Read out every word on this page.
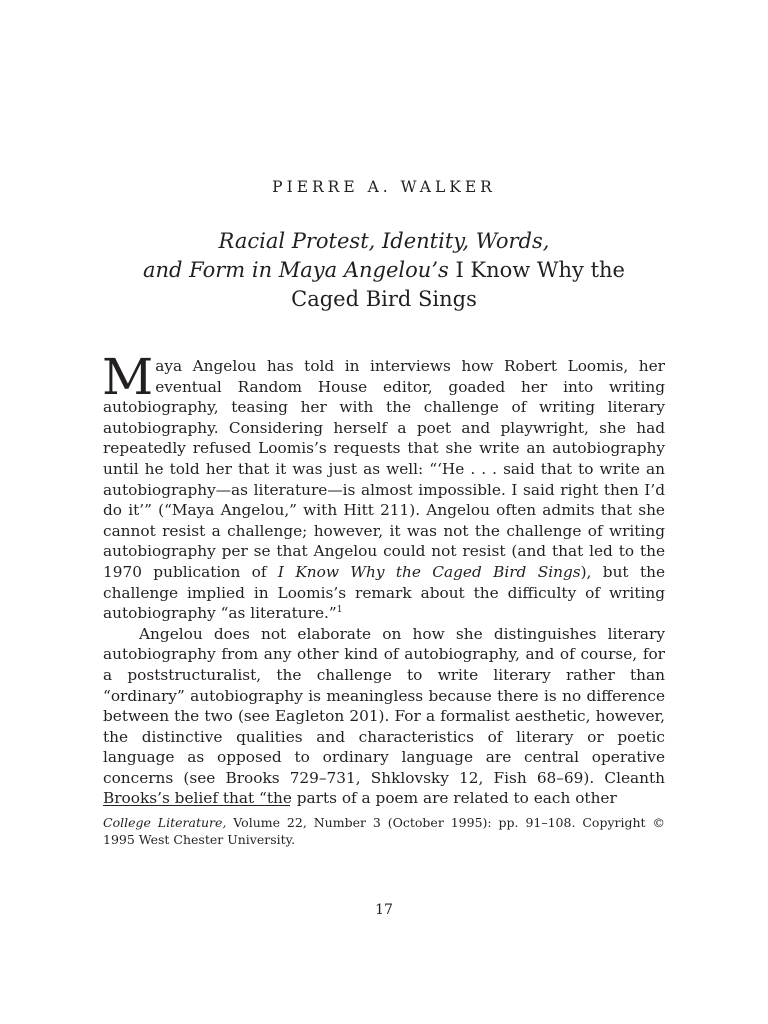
PIERRE A. WALKER
Racial Protest, Identity, Words,
and Form in Maya Angelou’s I Know Why the
Caged Bird Sings

Maya Angelou has told in interviews how Robert Loomis, her eventual Random House editor, goaded her into writing autobiography, teasing her with the challenge of writing literary autobiography. Considering herself a poet and playwright, she had repeatedly refused Loomis’s requests that she write an autobiography until he told her that it was just as well: “‘He . . . said that to write an autobiography—as literature—is almost impossible. I said right then I’d do it’” (“Maya Angelou,” with Hitt 211). Angelou often admits that she cannot resist a challenge; however, it was not the challenge of writing autobiography per se that Angelou could not resist (and that led to the 1970 publication of I Know Why the Caged Bird Sings), but the challenge implied in Loomis’s remark about the difficulty of writing autobiography “as literature.”$^1$

Angelou does not elaborate on how she distinguishes literary autobiography from any other kind of autobiography, and of course, for a poststructuralist, the challenge to write literary rather than “ordinary” autobiography is meaningless because there is no difference between the two (see Eagleton 201). For a formalist aesthetic, however, the distinctive qualities and characteristics of literary or poetic language as opposed to ordinary language are central operative concerns (see Brooks 729–731, Shklovsky 12, Fish 68–69). Cleanth Brooks’s belief that “the parts of a poem are related to each other

College Literature, Volume 22, Number 3 (October 1995): pp. 91–108. Copyright © 1995 West Chester University.
17
